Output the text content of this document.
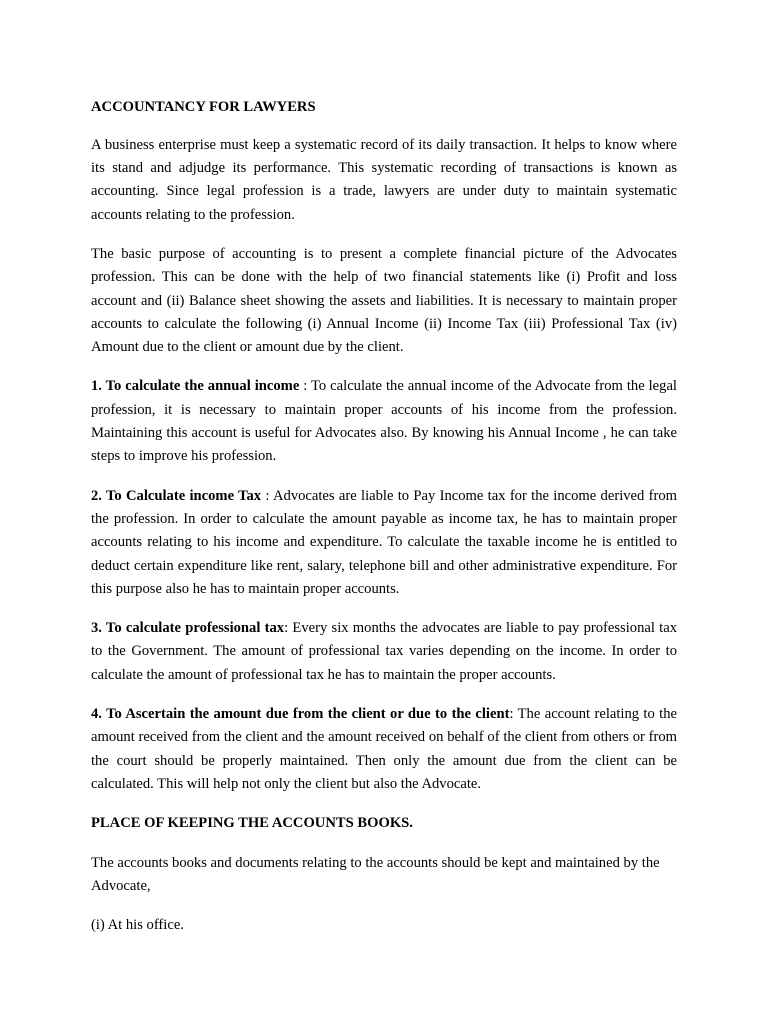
ACCOUNTANCY FOR LAWYERS

A business enterprise must keep a systematic record of its daily transaction. It helps to know where its stand and adjudge its performance. This systematic recording of transactions is known as accounting. Since legal profession is a trade, lawyers are under duty to maintain systematic accounts relating to the profession.

The basic purpose of accounting is to present a complete financial picture of the Advocates profession. This can be done with the help of two financial statements like (i) Profit and loss account and (ii) Balance sheet showing the assets and liabilities. It is necessary to maintain proper accounts to calculate the following (i) Annual Income (ii) Income Tax (iii) Professional Tax (iv) Amount due to the client or amount due by the client.

1. To calculate the annual income : To calculate the annual income of the Advocate from the legal profession, it is necessary to maintain proper accounts of his income from the profession. Maintaining this account is useful for Advocates also. By knowing his Annual Income , he can take steps to improve his profession.

2. To Calculate income Tax : Advocates are liable to Pay Income tax for the income derived from the profession. In order to calculate the amount payable as income tax, he has to maintain proper accounts relating to his income and expenditure. To calculate the taxable income he is entitled to deduct certain expenditure like rent, salary, telephone bill and other administrative expenditure. For this purpose also he has to maintain proper accounts.

3. To calculate professional tax: Every six months the advocates are liable to pay professional tax to the Government. The amount of professional tax varies depending on the income. In order to calculate the amount of professional tax he has to maintain the proper accounts.

4. To Ascertain the amount due from the client or due to the client: The account relating to the amount received from the client and the amount received on behalf of the client from others or from the court should be properly maintained. Then only the amount due from the client can be calculated. This will help not only the client but also the Advocate.

PLACE OF KEEPING THE ACCOUNTS BOOKS.

The accounts books and documents relating to the accounts should be kept and maintained by the Advocate,

(i) At his office.
